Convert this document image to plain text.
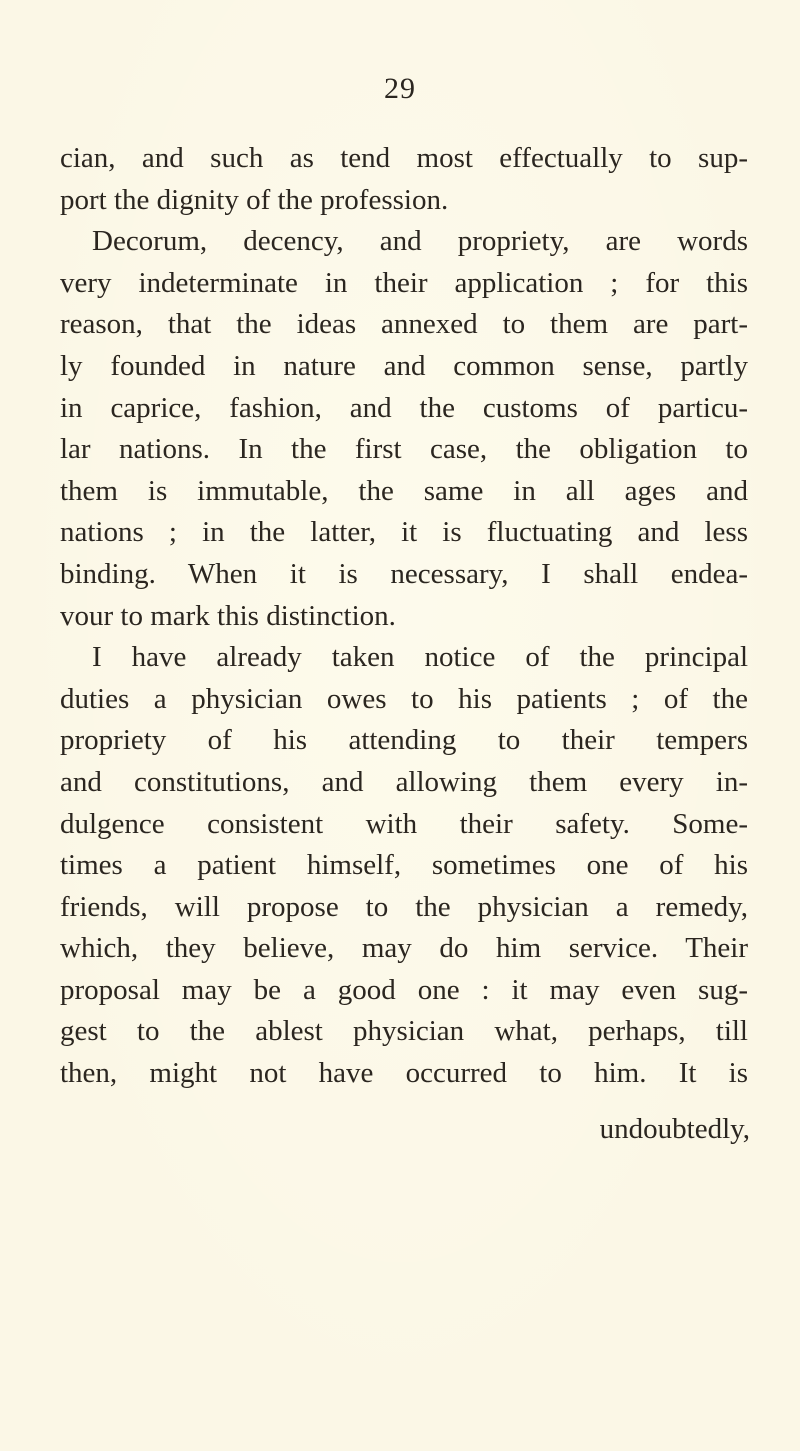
29
cian, and such as tend most effectually to sup-
port the dignity of the profession.
Decorum, decency, and propriety, are words
very indeterminate in their application ; for this
reason, that the ideas annexed to them are part-
ly founded in nature and common sense, partly
in caprice, fashion, and the customs of particu-
lar nations. In the first case, the obligation to
them is immutable, the same in all ages and
nations ; in the latter, it is fluctuating and less
binding. When it is necessary, I shall endea-
vour to mark this distinction.
I have already taken notice of the principal
duties a physician owes to his patients ; of the
propriety of his attending to their tempers
and constitutions, and allowing them every in-
dulgence consistent with their safety. Some-
times a patient himself, sometimes one of his
friends, will propose to the physician a remedy,
which, they believe, may do him service. Their
proposal may be a good one : it may even sug-
gest to the ablest physician what, perhaps, till
then, might not have occurred to him. It is
undoubtedly,
